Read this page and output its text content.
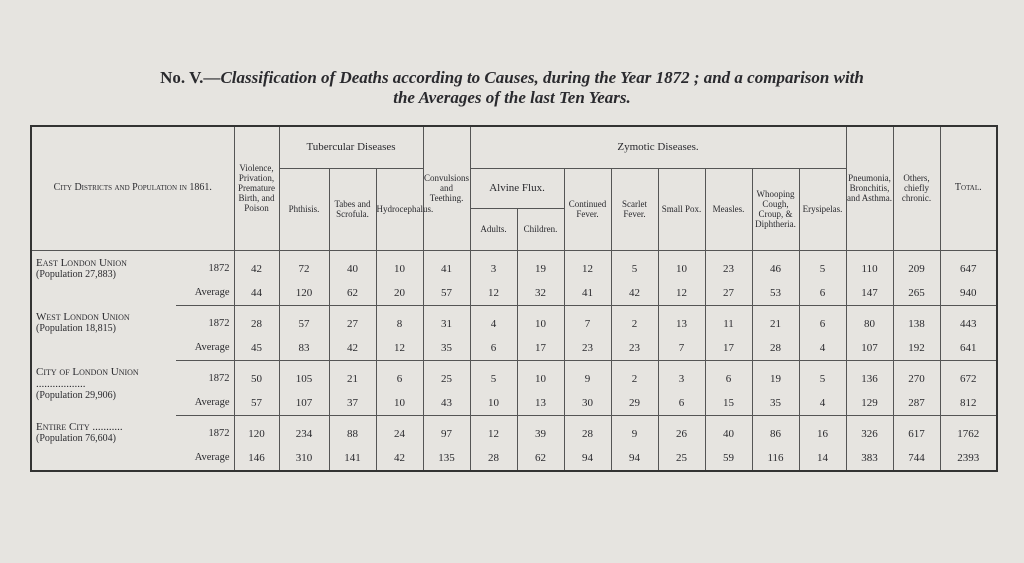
No. V.—Classification of Deaths according to Causes, during the Year 1872 ; and a comparison with
the Averages of the last Ten Years.
City Districts and Population in 1861.		Violence, Privation, Premature Birth, and Poison	Tubercular Diseases			Convulsions and Teething.	Zymotic Diseases.								Pneumonia, Bronchitis, and Asthma.	Others, chiefly chronic.	Total.
			Phthisis.	Tabes and Scrofula.	Hydrocephalus.		Alvine Flux.		Continued Fever.	Scarlet Fever.	Small Pox.	Measles.	Whooping Cough, Croup, & Diphtheria.	Erysipelas.			
							Adults.	Children.									

East London Union
(Population 27,883)	1872	42	72	40	10	41	3	19	12	5	10	23	46	5	110	209	647
	Average	44	120	62	20	57	12	32	41	42	12	27	53	6	147	265	940

West London Union
(Population 18,815)	1872	28	57	27	8	31	4	10	7	2	13	11	21	6	80	138	443
	Average	45	83	42	12	35	6	17	23	23	7	17	28	4	107	192	641

City of London Union ..................
(Population 29,906)	1872	50	105	21	6	25	5	10	9	2	3	6	19	5	136	270	672
	Average	57	107	37	10	43	10	13	30	29	6	15	35	4	129	287	812

Entire City ...........
(Population 76,604)	1872	120	234	88	24	97	12	39	28	9	26	40	86	16	326	617	1762
	Average	146	310	141	42	135	28	62	94	94	25	59	116	14	383	744	2393
